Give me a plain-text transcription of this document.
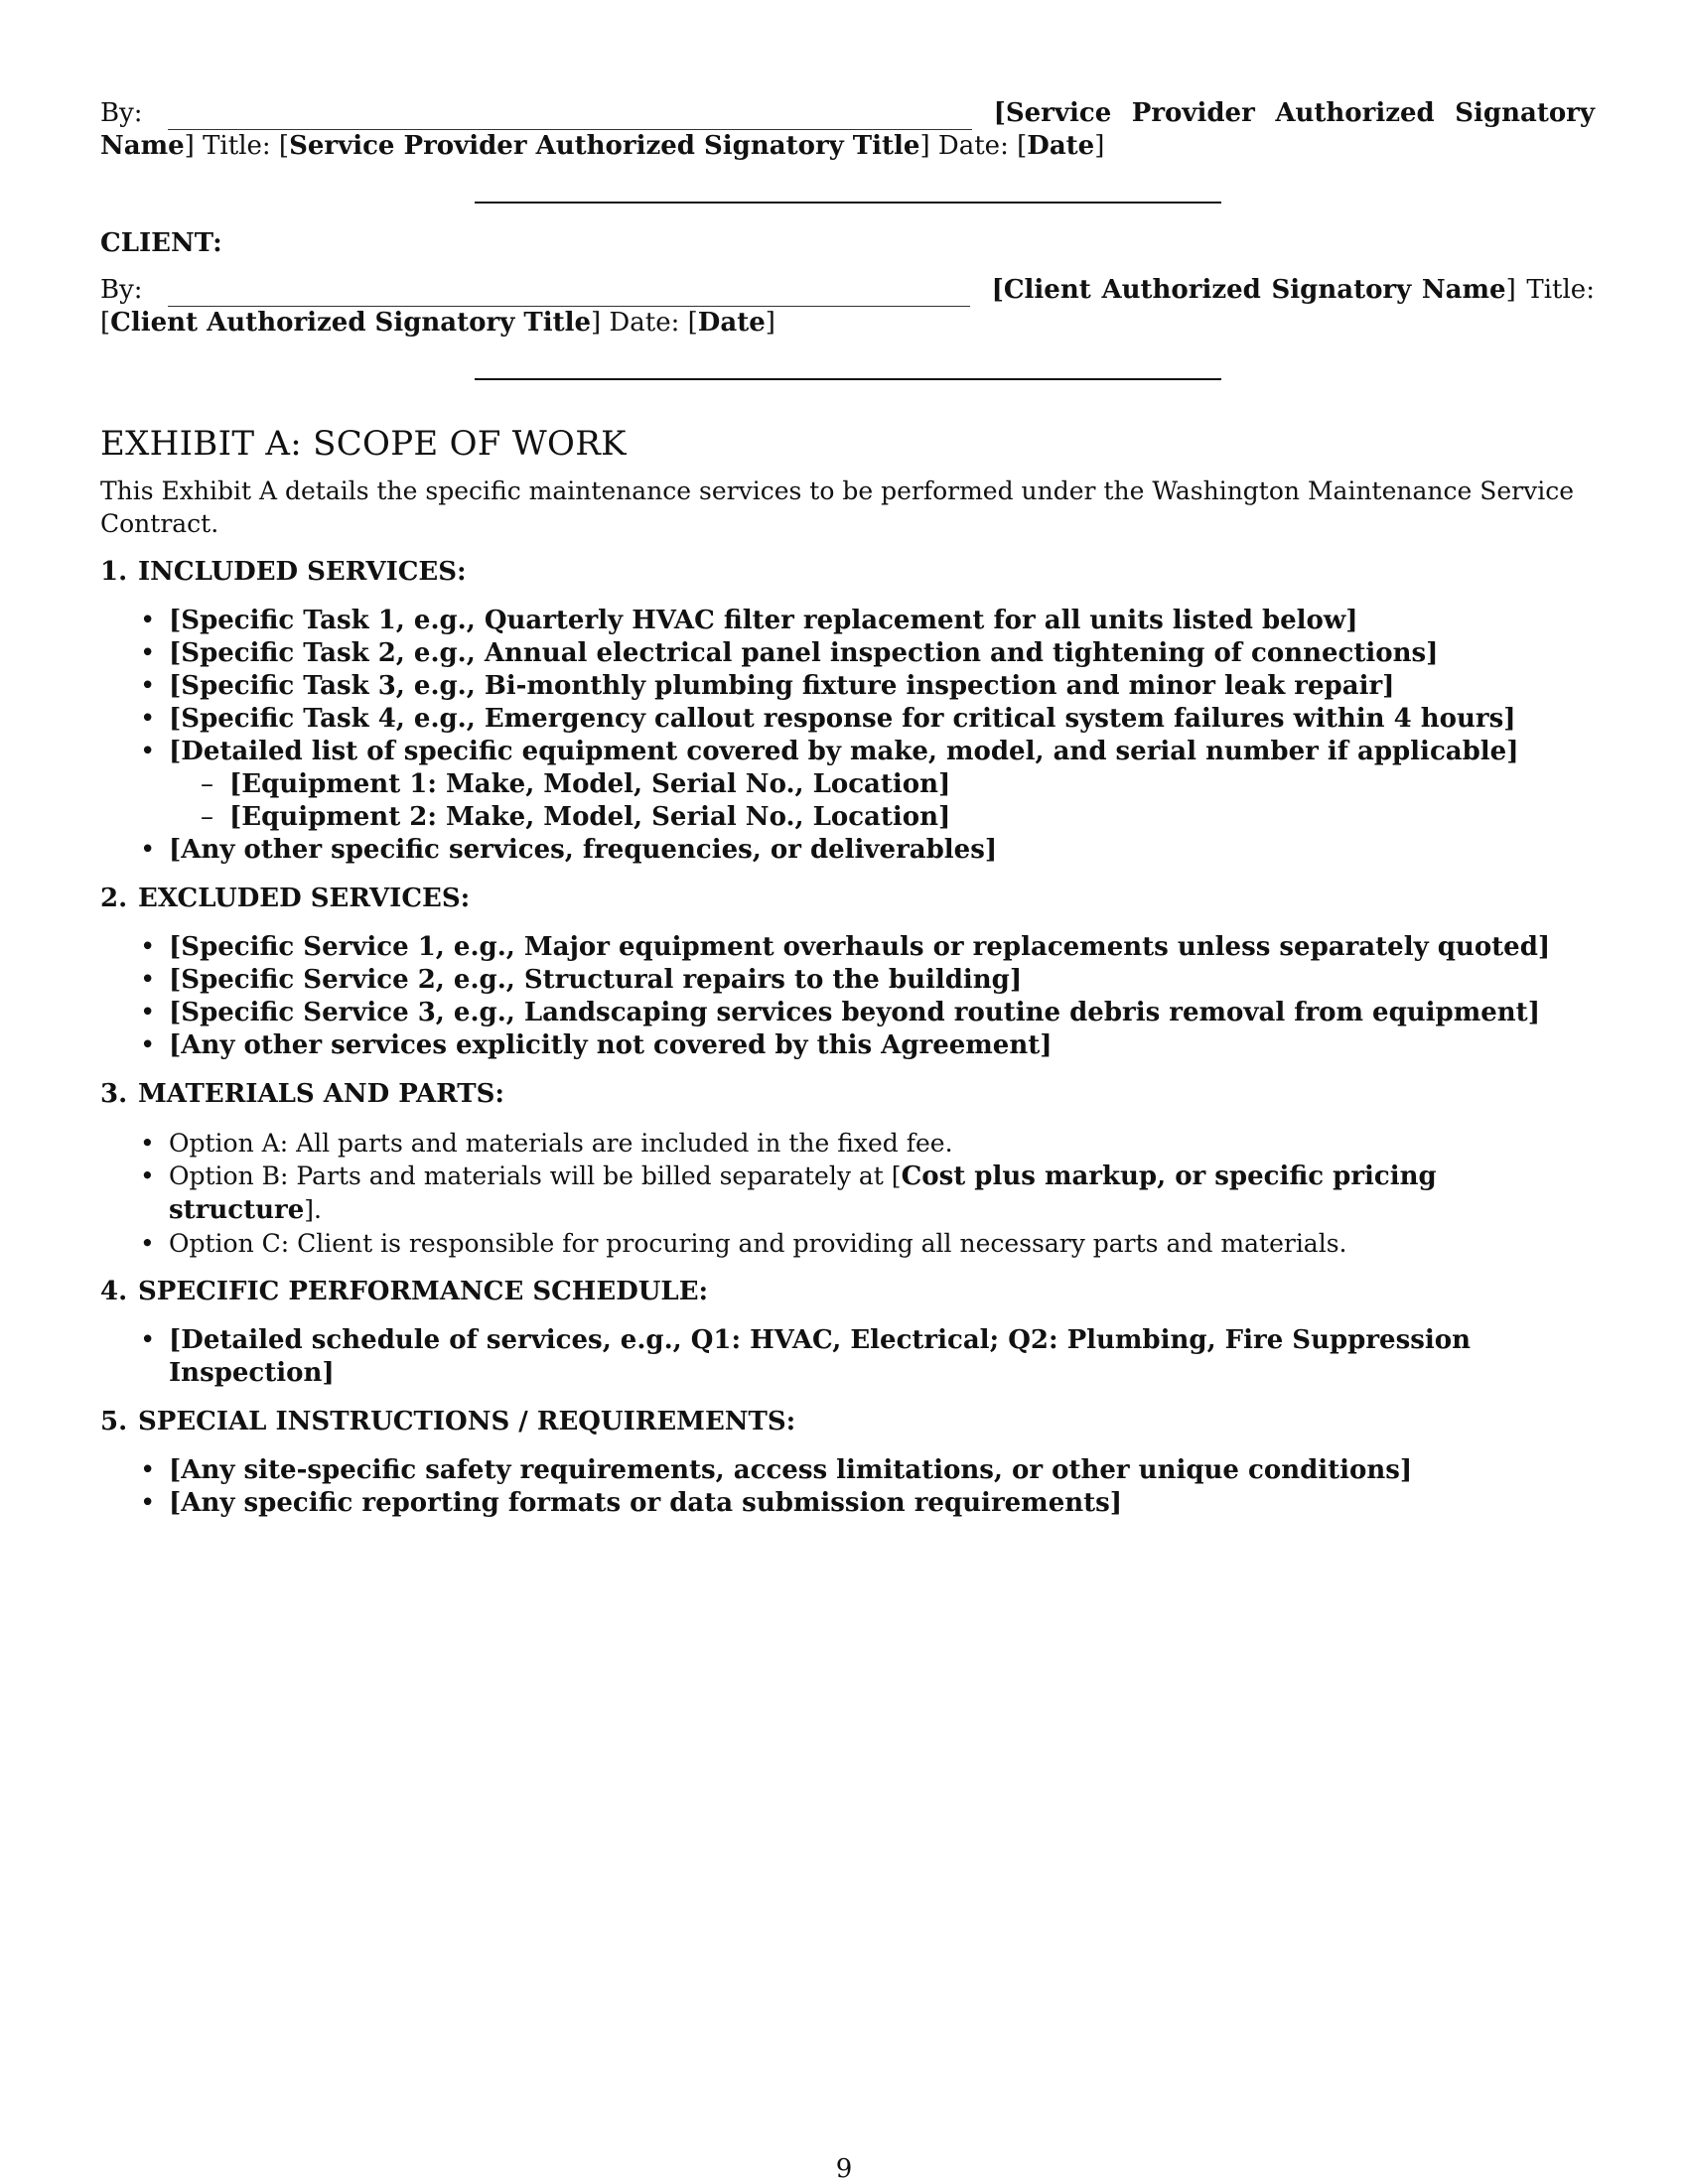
By:	[Service Provider Authorized Signatory
Name] Title: [Service Provider Authorized Signatory Title] Date: [Date]
CLIENT:
By:	[Client Authorized Signatory Name] Title:
[Client Authorized Signatory Title] Date: [Date]
EXHIBIT A: SCOPE OF WORK
This Exhibit A details the specific maintenance services to be performed under the Washington Maintenance Service Contract.
1. INCLUDED SERVICES:
• [Specific Task 1, e.g., Quarterly HVAC filter replacement for all units listed below]
• [Specific Task 2, e.g., Annual electrical panel inspection and tightening of connections]
• [Specific Task 3, e.g., Bi-monthly plumbing fixture inspection and minor leak repair]
• [Specific Task 4, e.g., Emergency callout response for critical system failures within 4 hours]
• [Detailed list of specific equipment covered by make, model, and serial number if applicable]
– [Equipment 1: Make, Model, Serial No., Location]
– [Equipment 2: Make, Model, Serial No., Location]
• [Any other specific services, frequencies, or deliverables]
2. EXCLUDED SERVICES:
• [Specific Service 1, e.g., Major equipment overhauls or replacements unless separately quoted]
• [Specific Service 2, e.g., Structural repairs to the building]
• [Specific Service 3, e.g., Landscaping services beyond routine debris removal from equipment]
• [Any other services explicitly not covered by this Agreement]
3. MATERIALS AND PARTS:
• Option A: All parts and materials are included in the fixed fee.
• Option B: Parts and materials will be billed separately at [Cost plus markup, or specific pricing structure].
• Option C: Client is responsible for procuring and providing all necessary parts and materials.
4. SPECIFIC PERFORMANCE SCHEDULE:
• [Detailed schedule of services, e.g., Q1: HVAC, Electrical; Q2: Plumbing, Fire Suppression Inspection]
5. SPECIAL INSTRUCTIONS / REQUIREMENTS:
• [Any site-specific safety requirements, access limitations, or other unique conditions]
• [Any specific reporting formats or data submission requirements]
9
